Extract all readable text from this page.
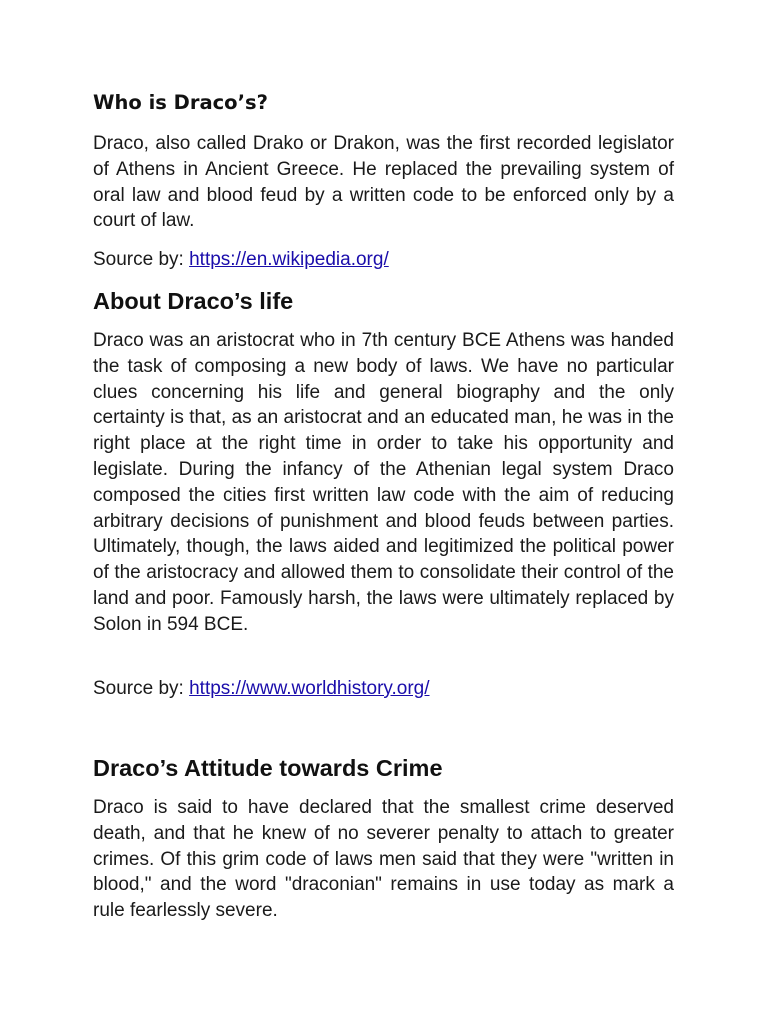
Who is Draco’s?

Draco, also called Drako or Drakon, was the first recorded legislator of Athens in Ancient Greece. He replaced the prevailing system of oral law and blood feud by a written code to be enforced only by a court of law.

Source by: https://en.wikipedia.org/
About Draco’s life

Draco was an aristocrat who in 7th century BCE Athens was handed the task of composing a new body of laws. We have no particular clues concerning his life and general biography and the only certainty is that, as an aristocrat and an educated man, he was in the right place at the right time in order to take his opportunity and legislate. During the infancy of the Athenian legal system Draco composed the cities first written law code with the aim of reducing arbitrary decisions of punishment and blood feuds between parties. Ultimately, though, the laws aided and legitimized the political power of the aristocracy and allowed them to consolidate their control of the land and poor. Famously harsh, the laws were ultimately replaced by Solon in 594 BCE.

Source by: https://www.worldhistory.org/
Draco’s Attitude towards Crime

Draco is said to have declared that the smallest crime deserved death, and that he knew of no severer penalty to attach to greater crimes. Of this grim code of laws men said that they were "written in blood," and the word "draconian" remains in use today as mark a rule fearlessly severe.
